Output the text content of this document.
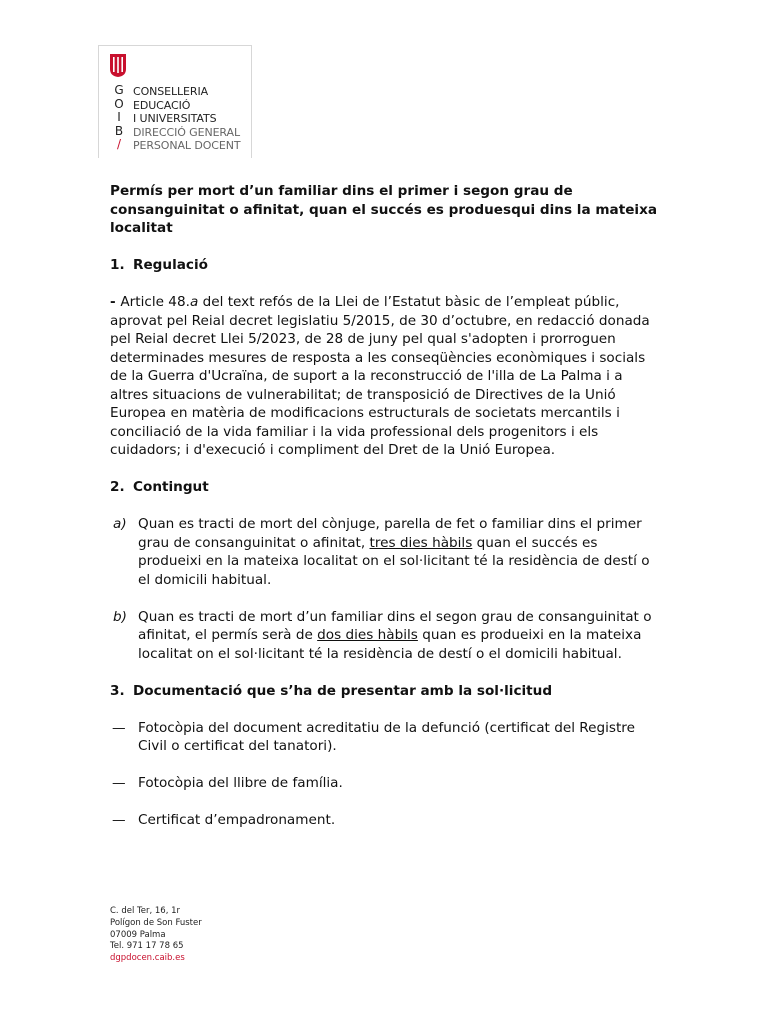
G
O
I
B
/
CONSELLERIA
EDUCACIÓ
I UNIVERSITATS
DIRECCIÓ GENERAL
PERSONAL DOCENT
Permís per mort d’un familiar dins el primer i segon grau de consanguinitat o afinitat, quan el succés es produesqui dins la mateixa localitat
1. Regulació

- Article 48.a del text refós de la Llei de l’Estatut bàsic de l’empleat públic, aprovat pel Reial decret legislatiu 5/2015, de 30 d’octubre, en redacció donada pel Reial decret Llei 5/2023, de 28 de juny pel qual s'adopten i prorroguen determinades mesures de resposta a les conseqüències econòmiques i socials de la Guerra d'Ucraïna, de suport a la reconstrucció de l'illa de La Palma i a altres situacions de vulnerabilitat; de transposició de Directives de la Unió Europea en matèria de modificacions estructurals de societats mercantils i conciliació de la vida familiar i la vida professional dels progenitors i els cuidadors; i d'execució i compliment del Dret de la Unió Europea.

2. Contingut
a) Quan es tracti de mort del cònjuge, parella de fet o familiar dins el primer grau de consanguinitat o afinitat, tres dies hàbils quan el succés es produeixi en la mateixa localitat on el sol·licitant té la residència de destí o el domicili habitual.
b) Quan es tracti de mort d’un familiar dins el segon grau de consanguinitat o afinitat, el permís serà de dos dies hàbils quan es produeixi en la mateixa localitat on el sol·licitant té la residència de destí o el domicili habitual.
3. Documentació que s’ha de presentar amb la sol·licitud
— Fotocòpia del document acreditatiu de la defunció (certificat del Registre Civil o certificat del tanatori).
— Fotocòpia del llibre de família.
— Certificat d’empadronament.
C. del Ter, 16, 1r
Polígon de Son Fuster
07009 Palma
Tel. 971 17 78 65
dgpdocen.caib.es
